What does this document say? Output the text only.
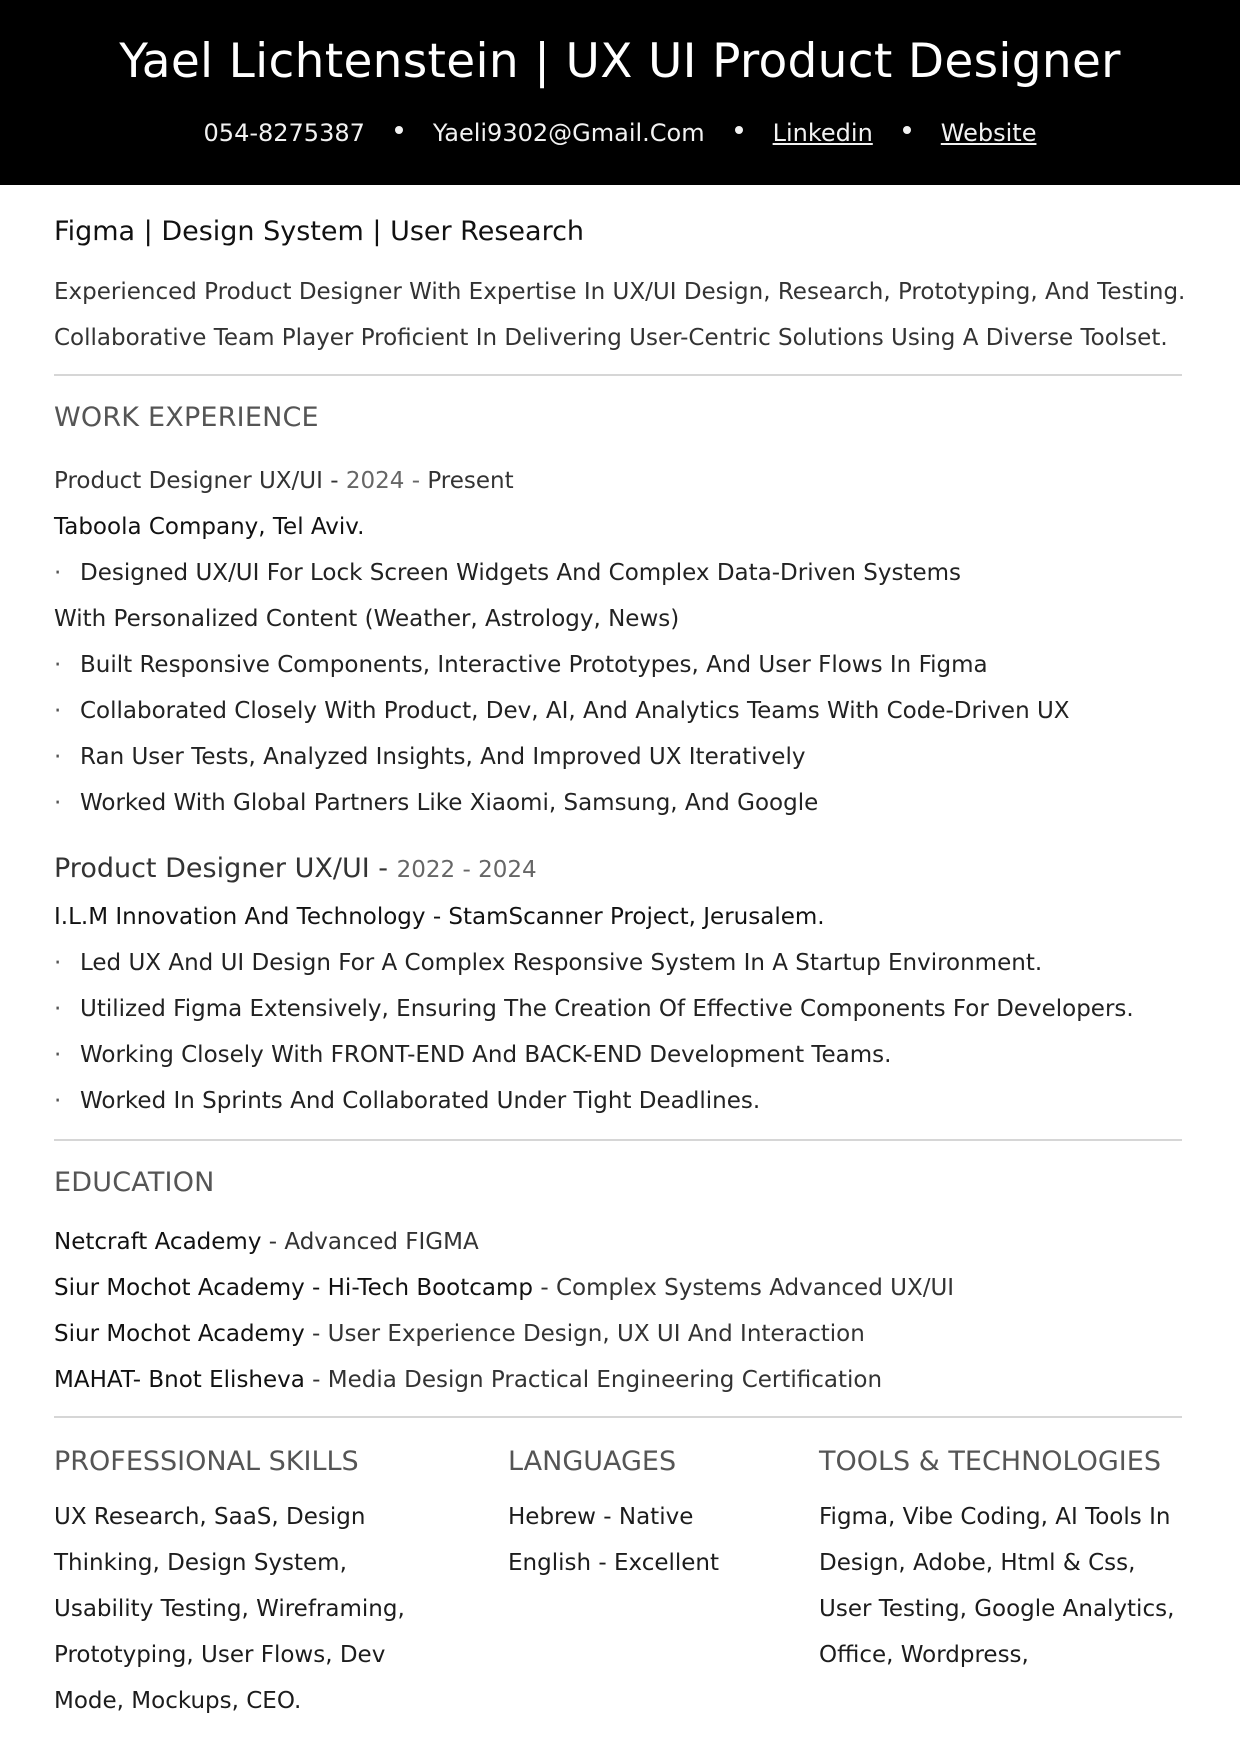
Yael Lichtenstein | UX UI Product Designer
054-8275387	Yaeli9302@Gmail.Com	Linkedin	Website
Figma | Design System | User Research
Experienced Product Designer With Expertise In UX/UI Design, Research, Prototyping, And Testing.
Collaborative Team Player Proficient In Delivering User-Centric Solutions Using A Diverse Toolset.
WORK EXPERIENCE
Product Designer UX/UI - 2024 - Present
Taboola Company, Tel Aviv.
· Designed UX/UI For Lock Screen Widgets And Complex Data-Driven Systems
With Personalized Content (Weather, Astrology, News)
· Built Responsive Components, Interactive Prototypes, And User Flows In Figma
· Collaborated Closely With Product, Dev, AI, And Analytics Teams With Code-Driven UX
· Ran User Tests, Analyzed Insights, And Improved UX Iteratively
· Worked With Global Partners Like Xiaomi, Samsung, And Google
Product Designer UX/UI - 2022 - 2024
I.L.M Innovation And Technology - StamScanner Project, Jerusalem.
· Led UX And UI Design For A Complex Responsive System In A Startup Environment.
· Utilized Figma Extensively, Ensuring The Creation Of Effective Components For Developers.
· Working Closely With FRONT-END And BACK-END Development Teams.
· Worked In Sprints And Collaborated Under Tight Deadlines.
EDUCATION
Netcraft Academy - Advanced FIGMA
Siur Mochot Academy - Hi-Tech Bootcamp - Complex Systems Advanced UX/UI
Siur Mochot Academy - User Experience Design, UX UI And Interaction
MAHAT- Bnot Elisheva - Media Design Practical Engineering Certification
PROFESSIONAL SKILLS
UX Research, SaaS, Design
Thinking, Design System,
Usability Testing, Wireframing,
Prototyping, User Flows, Dev
Mode, Mockups, CEO.
LANGUAGES
Hebrew - Native
English - Excellent
TOOLS & TECHNOLOGIES
Figma, Vibe Coding, AI Tools In
Design, Adobe, Html & Css,
User Testing, Google Analytics,
Office, Wordpress,
